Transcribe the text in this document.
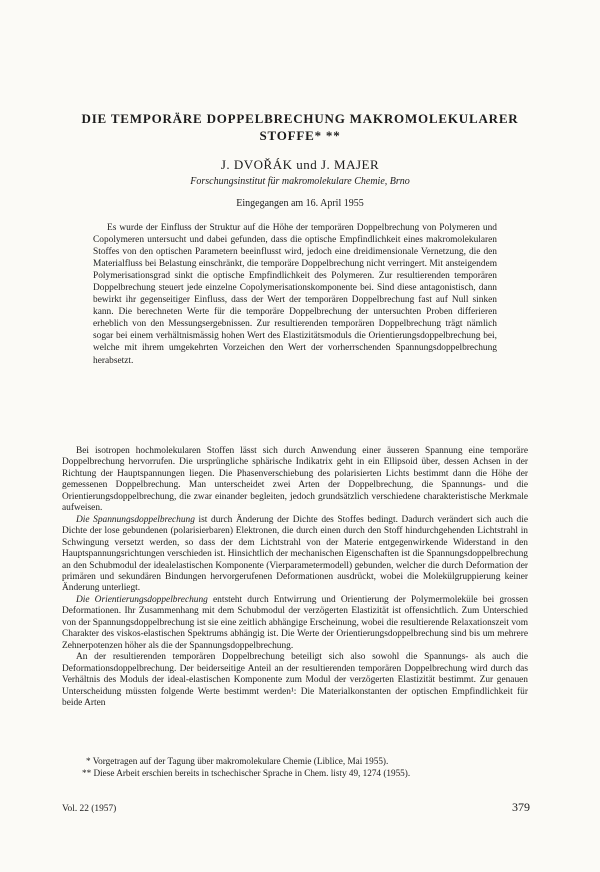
DIE TEMPORÄRE DOPPELBRECHUNG MAKROMOLEKULARER
STOFFE* **
J. DVOŘÁK und J. MAJER
Forschungsinstitut für makromolekulare Chemie, Brno
Eingegangen am 16. April 1955

Es wurde der Einfluss der Struktur auf die Höhe der temporären Doppelbrechung von Polymeren und Copolymeren untersucht und dabei gefunden, dass die optische Empfindlichkeit eines makromolekularen Stoffes von den optischen Parametern beeinflusst wird, jedoch eine dreidimensionale Vernetzung, die den Materialfluss bei Belastung einschränkt, die temporäre Doppelbrechung nicht verringert. Mit ansteigendem Polymerisationsgrad sinkt die optische Empfindlichkeit des Polymeren. Zur resultierenden temporären Doppelbrechung steuert jede einzelne Copolymerisationskomponente bei. Sind diese antagonistisch, dann bewirkt ihr gegenseitiger Einfluss, dass der Wert der temporären Doppelbrechung fast auf Null sinken kann. Die berechneten Werte für die temporäre Doppelbrechung der untersuchten Proben differieren erheblich von den Messungsergebnissen. Zur resultierenden temporären Doppelbrechung trägt nämlich sogar bei einem verhältnismässig hohen Wert des Elastizitätsmoduls die Orientierungsdoppelbrechung bei, welche mit ihrem umgekehrten Vorzeichen den Wert der vorherrschenden Spannungsdoppelbrechung herabsetzt.

Bei isotropen hochmolekularen Stoffen lässt sich durch Anwendung einer äusseren Spannung eine temporäre Doppelbrechung hervorrufen. Die ursprüngliche sphärische Indikatrix geht in ein Ellipsoid über, dessen Achsen in der Richtung der Hauptspannungen liegen. Die Phasenverschiebung des polarisierten Lichts bestimmt dann die Höhe der gemessenen Doppelbrechung. Man unterscheidet zwei Arten der Doppelbrechung, die Spannungs- und die Orientierungsdoppelbrechung, die zwar einander begleiten, jedoch grundsätzlich verschiedene charakteristische Merkmale aufweisen.

Die Spannungsdoppelbrechung ist durch Änderung der Dichte des Stoffes bedingt. Dadurch verändert sich auch die Dichte der lose gebundenen (polarisierbaren) Elektronen, die durch einen durch den Stoff hindurchgehenden Lichtstrahl in Schwingung versetzt werden, so dass der dem Lichtstrahl von der Materie entgegenwirkende Widerstand in den Hauptspannungsrichtungen verschieden ist. Hinsichtlich der mechanischen Eigenschaften ist die Spannungsdoppelbrechung an den Schubmodul der idealelastischen Komponente (Vierparametermodell) gebunden, welcher die durch Deformation der primären und sekundären Bindungen hervorgerufenen Deformationen ausdrückt, wobei die Molekülgruppierung keiner Änderung unterliegt.

Die Orientierungsdoppelbrechung entsteht durch Entwirrung und Orientierung der Polymermoleküle bei grossen Deformationen. Ihr Zusammenhang mit dem Schubmodul der verzögerten Elastizität ist offensichtlich. Zum Unterschied von der Spannungsdoppelbrechung ist sie eine zeitlich abhängige Erscheinung, wobei die resultierende Relaxationszeit vom Charakter des viskos-elastischen Spektrums abhängig ist. Die Werte der Orientierungsdoppelbrechung sind bis um mehrere Zehnerpotenzen höher als die der Spannungsdoppelbrechung.

An der resultierenden temporären Doppelbrechung beteiligt sich also sowohl die Spannungs- als auch die Deformationsdoppelbrechung. Der beiderseitige Anteil an der resultierenden temporären Doppelbrechung wird durch das Verhältnis des Moduls der ideal-elastischen Komponente zum Modul der verzögerten Elastizität bestimmt. Zur genauen Unterscheidung müssten folgende Werte bestimmt werden¹: Die Materialkonstanten der optischen Empfindlichkeit für beide Arten

* Vorgetragen auf der Tagung über makromolekulare Chemie (Liblice, Mai 1955).
** Diese Arbeit erschien bereits in tschechischer Sprache in Chem. listy 49, 1274 (1955).
Vol. 22 (1957)	379
